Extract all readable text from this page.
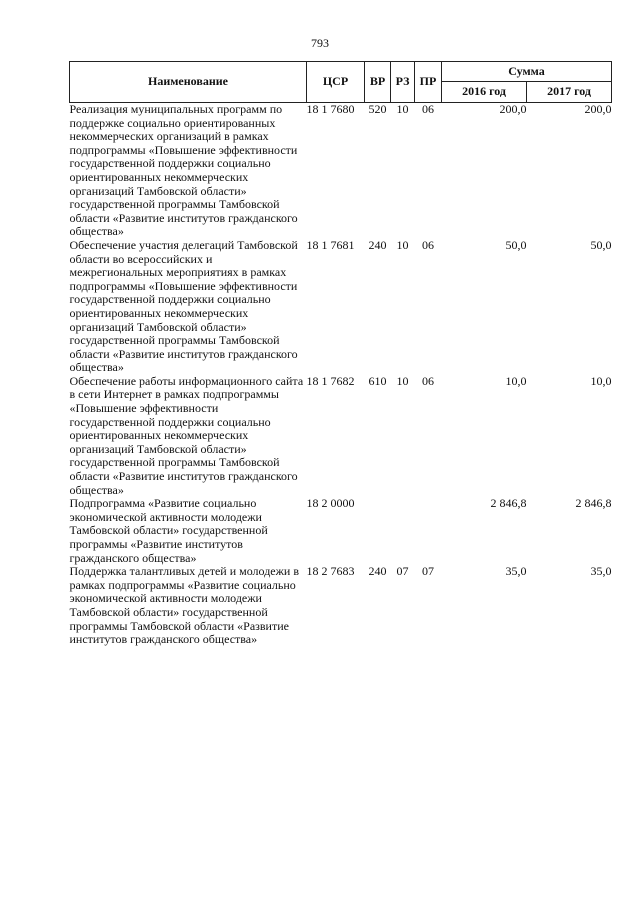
793
Наименование	ЦСР	ВР	РЗ	ПР	Сумма	
					2016 год	2017 год
Реализация муниципальных программ по поддержке социально ориентированных некоммерческих организаций в рамках подпрограммы «Повышение эффективности государственной поддержки социально ориентированных некоммерческих организаций Тамбовской области» государственной программы Тамбовской области «Развитие институтов гражданского общества»	18 1 7680	520	10	06	200,0	200,0
Обеспечение участия делегаций Тамбовской области во всероссийских и межрегиональных мероприятиях в рамках подпрограммы «Повышение эффективности государственной поддержки социально ориентированных некоммерческих организаций Тамбовской области» государственной программы Тамбовской области «Развитие институтов гражданского общества»	18 1 7681	240	10	06	50,0	50,0
Обеспечение работы информационного сайта в сети Интернет в рамках подпрограммы «Повышение эффективности государственной поддержки социально ориентированных некоммерческих организаций Тамбовской области» государственной программы Тамбовской области «Развитие институтов гражданского общества»	18 1 7682	610	10	06	10,0	10,0
Подпрограмма «Развитие социально экономической активности молодежи Тамбовской области» государственной программы «Развитие институтов гражданского общества»	18 2 0000				2 846,8	2 846,8
Поддержка талантливых детей и молодежи в рамках подпрограммы «Развитие социально экономической активности молодежи Тамбовской области» государственной программы Тамбовской области «Развитие институтов гражданского общества»	18 2 7683	240	07	07	35,0	35,0
